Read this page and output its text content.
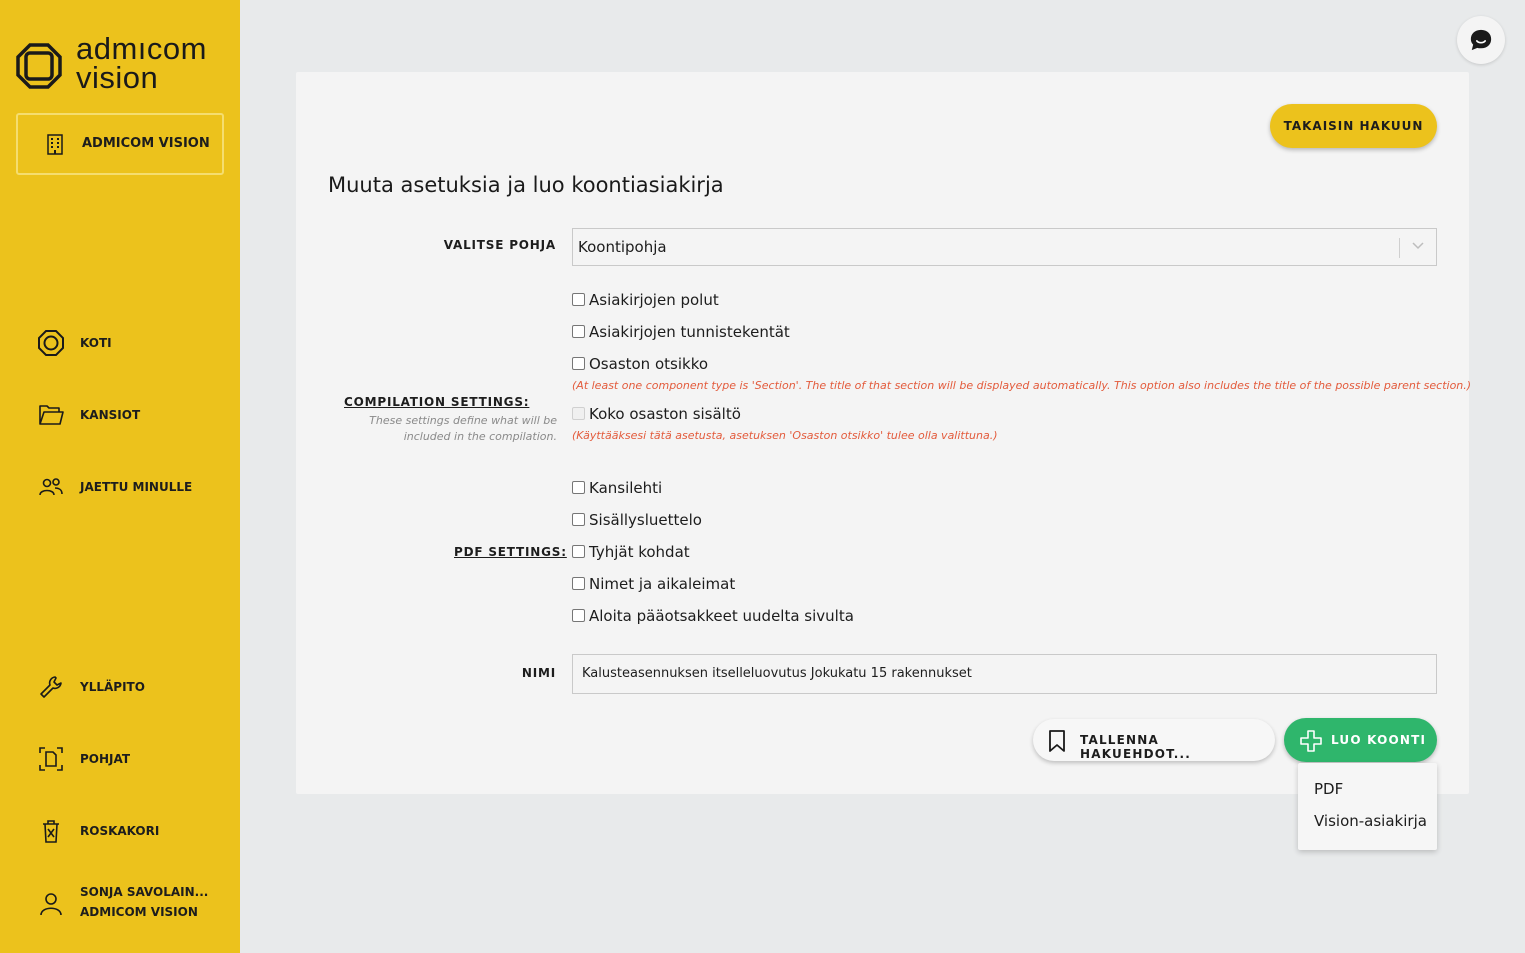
admıcom
vision
ADMICOM VISION
KOTI
KANSIOT
JAETTU MINULLE
YLLÄPITO
POHJAT
ROSKAKORI
SONJA SAVOLAIN...
ADMICOM VISION
TAKAISIN HAKUUN
Muuta asetuksia ja luo koontiasiakirja
VALITSE POHJA Koontipohja
COMPILATION SETTINGS:
These settings define what will be included in the compilation.
Asiakirjojen polut
Asiakirjojen tunnistekentät
Osaston otsikko
(At least one component type is 'Section'. The title of that section will be displayed automatically. This option also includes the title of the possible parent section.)
Koko osaston sisältö
(Käyttääksesi tätä asetusta, asetuksen 'Osaston otsikko' tulee olla valittuna.)
PDF SETTINGS:
Kansilehti
Sisällysluettelo
Tyhjät kohdat
Nimet ja aikaleimat
Aloita pääotsakkeet uudelta sivulta
NIMI Kalusteasennuksen itselleluovutus Jokukatu 15 rakennukset
TALLENNA HAKUEHDOT...
LUO KOONTI
PDF
Vision-asiakirja
